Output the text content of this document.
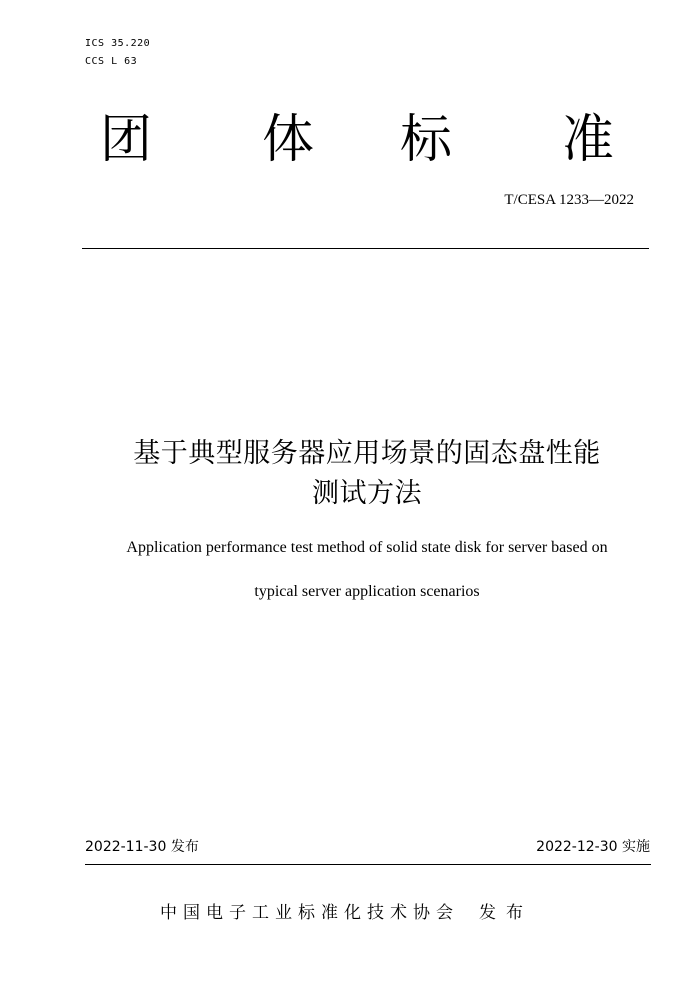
ICS 35.220
CCS L 63
团 体 标 准
T/CESA 1233—2022
基于典型服务器应用场景的固态盘性能
测试方法
Application performance test method of solid state disk for server based on
typical server application scenarios
2022-11-30 发布	2022-12-30 实施
中国电子工业标准化技术协会 发布
